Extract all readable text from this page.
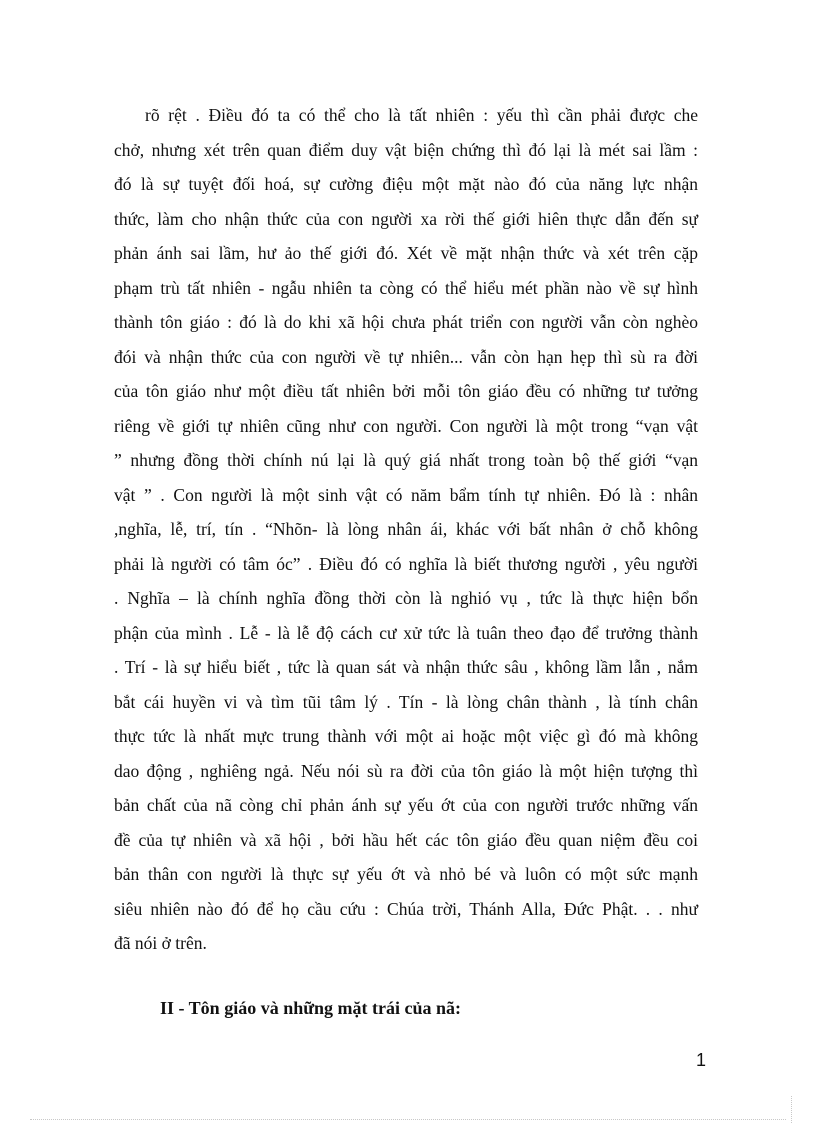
rõ rệt . Điều đó ta có thể cho là tất nhiên : yếu thì cần phải được che
chở, nhưng xét trên quan điểm duy vật biện chứng thì đó lại là mét sai lầm :
đó là sự tuyệt đối hoá, sự cường điệu một mặt nào đó của năng lực nhận
thức, làm cho nhận thức của con người xa rời thế giới hiên thực dẫn đến sự
phản ánh sai lầm, hư ảo thế giới đó. Xét về mặt nhận thức và xét trên cặp
phạm trù tất nhiên - ngẫu nhiên ta còng có thể hiểu mét phần nào về sự hình
thành tôn giáo : đó là do khi xã hội chưa phát triển con người vẫn còn nghèo
đói và nhận thức của con người về tự nhiên... vẫn còn hạn hẹp thì sù ra đời
của tôn giáo như một điều tất nhiên bởi mỗi tôn giáo đều có những tư tưởng
riêng về giới tự nhiên cũng như con người. Con người là một trong “vạn vật
” nhưng đồng thời chính nú lại là quý giá nhất trong toàn bộ thế giới “vạn
vật ” . Con người là một sinh vật có năm bẩm tính tự nhiên. Đó là : nhân
,nghĩa, lễ, trí, tín . “Nhõn- là lòng nhân ái, khác với bất nhân ở chỗ không
phải là người có tâm óc” . Điều đó có nghĩa là biết thương người , yêu người
. Nghĩa – là chính nghĩa đồng thời còn là nghió vụ , tức là thực hiện bổn
phận của mình . Lễ - là lễ độ cách cư xử tức là tuân theo đạo để trưởng thành
. Trí - là sự hiểu biết , tức là quan sát và nhận thức sâu , không lầm lẫn , nắm
bắt cái huyền vi và tìm tũi tâm lý . Tín - là lòng chân thành , là tính chân
thực tức là nhất mực trung thành với một ai hoặc một việc gì đó mà không
dao động , nghiêng ngả. Nếu nói sù ra đời của tôn giáo là một hiện tượng thì
bản chất của nã còng chỉ phản ánh sự yếu ớt của con người trước những vấn
đề của tự nhiên và xã hội , bởi hầu hết các tôn giáo đều quan niệm đều coi
bản thân con người là thực sự yếu ớt và nhỏ bé và luôn có một sức mạnh
siêu nhiên nào đó để họ cầu cứu : Chúa trời, Thánh Alla, Đức Phật. . . như
đã nói ở trên.
II - Tôn giáo và những mặt trái của nã:
1
